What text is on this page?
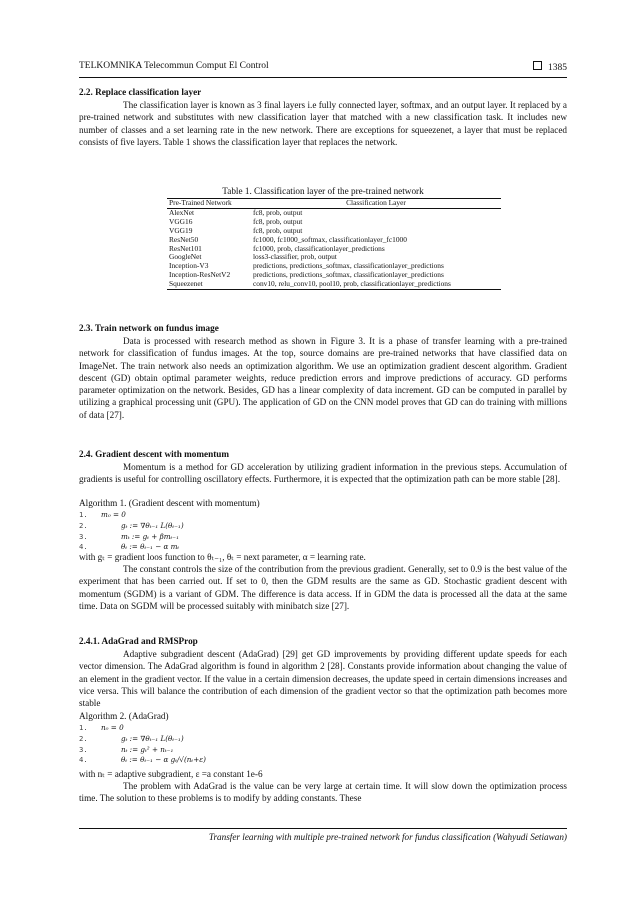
TELKOMNIKA Telecommun Comput El Control	1385
2.2. Replace classification layer
The classification layer is known as 3 final layers i.e fully connected layer, softmax, and an output layer. It replaced by a pre-trained network and substitutes with new classification layer that matched with a new classification task. It includes new number of classes and a set learning rate in the new network. There are exceptions for squeezenet, a layer that must be replaced consists of five layers. Table 1 shows the classification layer that replaces the network.
Table 1. Classification layer of the pre-trained network
Pre-Trained Network	Classification Layer
AlexNet	fc8, prob, output
VGG16	fc8, prob, output
VGG19	fc8, prob, output
ResNet50	fc1000, fc1000_softmax, classificationlayer_fc1000
ResNet101	fc1000, prob, classificationlayer_predictions
GoogleNet	loss3-classifier, prob, output
Inception-V3	predictions, predictions_softmax, classificationlayer_predictions
Inception-ResNetV2	predictions, predictions_softmax, classificationlayer_predictions
Squeezenet	conv10, relu_conv10, pool10, prob, classificationlayer_predictions
2.3. Train network on fundus image
Data is processed with research method as shown in Figure 3. It is a phase of transfer learning with a pre-trained network for classification of fundus images. At the top, source domains are pre-trained networks that have classified data on ImageNet. The train network also needs an optimization algorithm. We use an optimization gradient descent algorithm. Gradient descent (GD) obtain optimal parameter weights, reduce prediction errors and improve predictions of accuracy. GD performs parameter optimization on the network. Besides, GD has a linear complexity of data increment. GD can be computed in parallel by utilizing a graphical processing unit (GPU). The application of GD on the CNN model proves that GD can do training with millions of data [27].
2.4. Gradient descent with momentum
Momentum is a method for GD acceleration by utilizing gradient information in the previous steps. Accumulation of gradients is useful for controlling oscillatory effects. Furthermore, it is expected that the optimization path can be more stable [28].
Algorithm 1. (Gradient descent with momentum)
1. m₀ = 0
2.	gₜ := ∇θₜ₋₁ L(θₜ₋₁)
3.	mₜ := gₜ + βmₜ₋₁
4.	θₜ := θₜ₋₁ − α mₜ
with gₜ = gradient loos function to θₜ₋₁, θₜ = next parameter, α = learning rate.
The constant controls the size of the contribution from the previous gradient. Generally, set to 0.9 is the best value of the experiment that has been carried out. If set to 0, then the GDM results are the same as GD. Stochastic gradient descent with momentum (SGDM) is a variant of GDM. The difference is data access. If in GDM the data is processed all the data at the same time. Data on SGDM will be processed suitably with minibatch size [27].
2.4.1. AdaGrad and RMSProp
Adaptive subgradient descent (AdaGrad) [29] get GD improvements by providing different update speeds for each vector dimension. The AdaGrad algorithm is found in algorithm 2 [28]. Constants provide information about changing the value of an element in the gradient vector. If the value in a certain dimension decreases, the update speed in certain dimensions increases and vice versa. This will balance the contribution of each dimension of the gradient vector so that the optimization path becomes more stable
Algorithm 2. (AdaGrad)
1. n₀ = 0
2.	gₜ := ∇θₜ₋₁ L(θₜ₋₁)
3.	nₜ := gₜ² + nₜ₋₁
4.	θₜ := θₜ₋₁ − α gₜ/√(nₜ+ε)
with nₜ = adaptive subgradient, ε =a constant 1e-6
The problem with AdaGrad is the value can be very large at certain time. It will slow down the optimization process time. The solution to these problems is to modify by adding constants. These
Transfer learning with multiple pre-trained network for fundus classification (Wahyudi Setiawan)
